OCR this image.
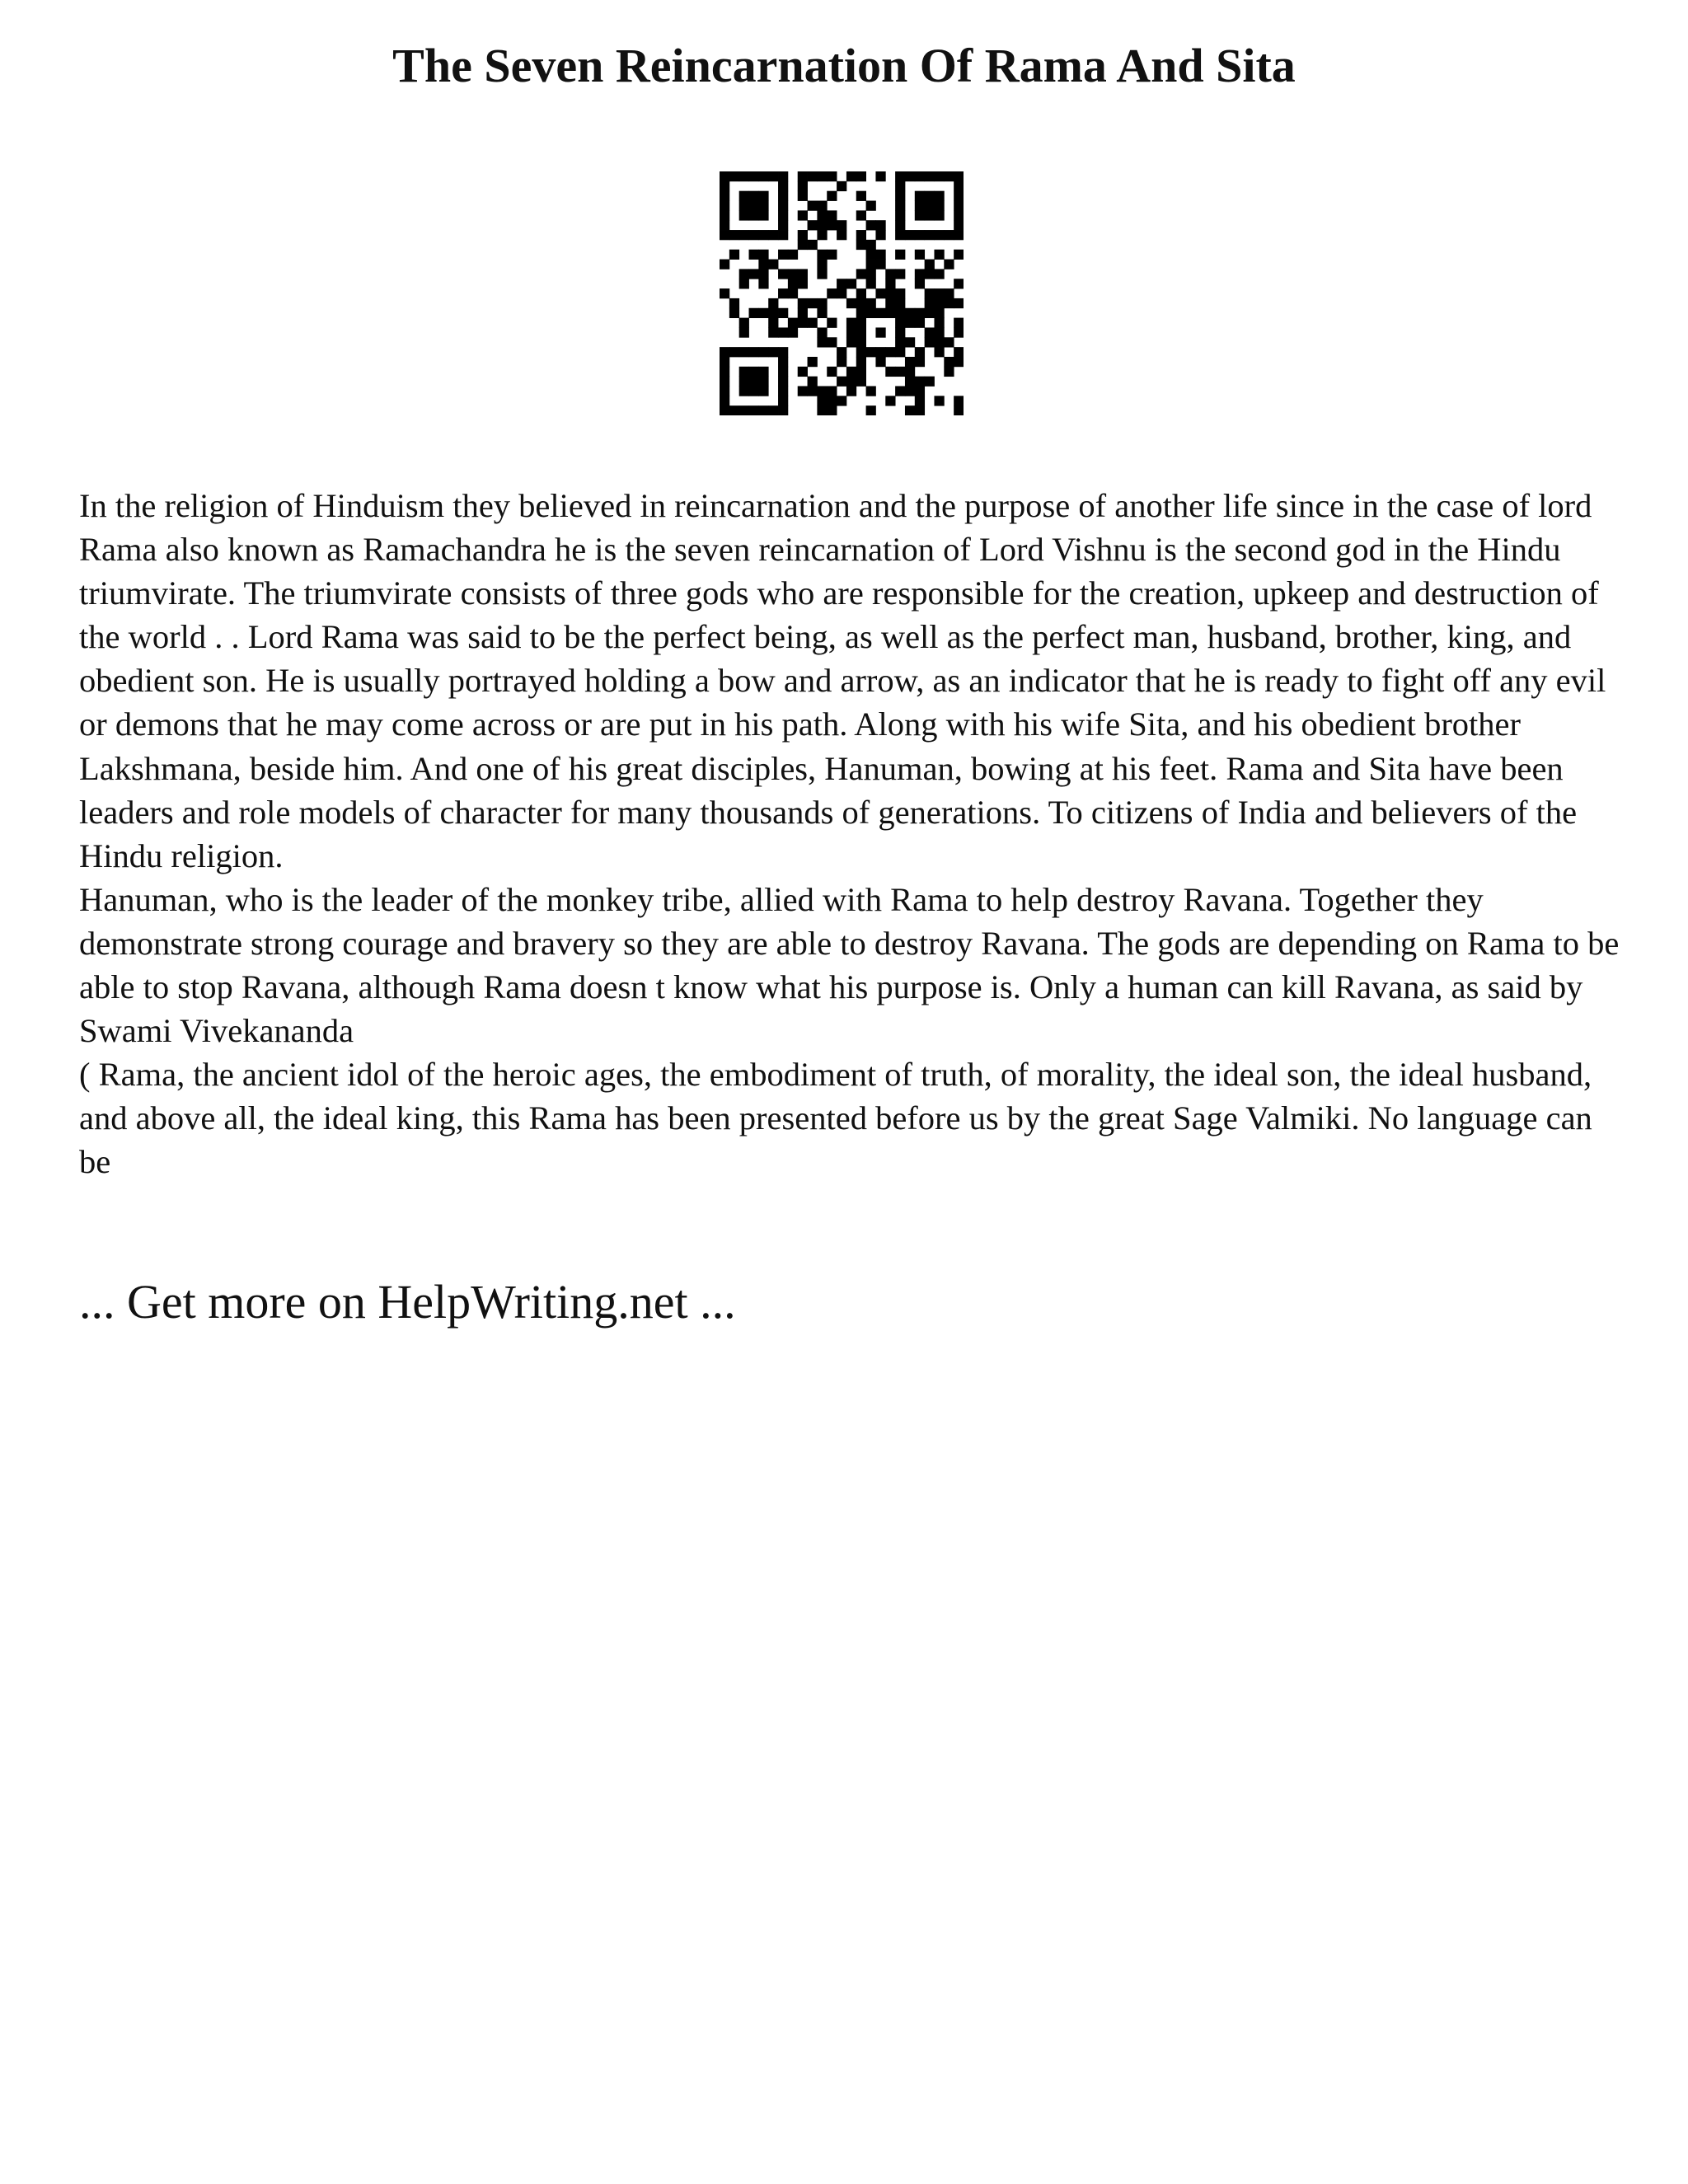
The Seven Reincarnation Of Rama And Sita

In the religion of Hinduism they believed in reincarnation and the purpose of another life since in the case of lord Rama also known as Ramachandra he is the seven reincarnation of Lord Vishnu is the second god in the Hindu triumvirate. The triumvirate consists of three gods who are responsible for the creation, upkeep and destruction of the world . . Lord Rama was said to be the perfect being, as well as the perfect man, husband, brother, king, and obedient son. He is usually portrayed holding a bow and arrow, as an indicator that he is ready to fight off any evil or demons that he may come across or are put in his path. Along with his wife Sita, and his obedient brother Lakshmana, beside him. And one of his great disciples, Hanuman, bowing at his feet. Rama and Sita have been leaders and role models of character for many thousands of generations. To citizens of India and believers of the Hindu religion.

Hanuman, who is the leader of the monkey tribe, allied with Rama to help destroy Ravana. Together they demonstrate strong courage and bravery so they are able to destroy Ravana. The gods are depending on Rama to be able to stop Ravana, although Rama doesn t know what his purpose is. Only a human can kill Ravana, as said by Swami Vivekananda

( Rama, the ancient idol of the heroic ages, the embodiment of truth, of morality, the ideal son, the ideal husband, and above all, the ideal king, this Rama has been presented before us by the great Sage Valmiki. No language can be

... Get more on HelpWriting.net ...
